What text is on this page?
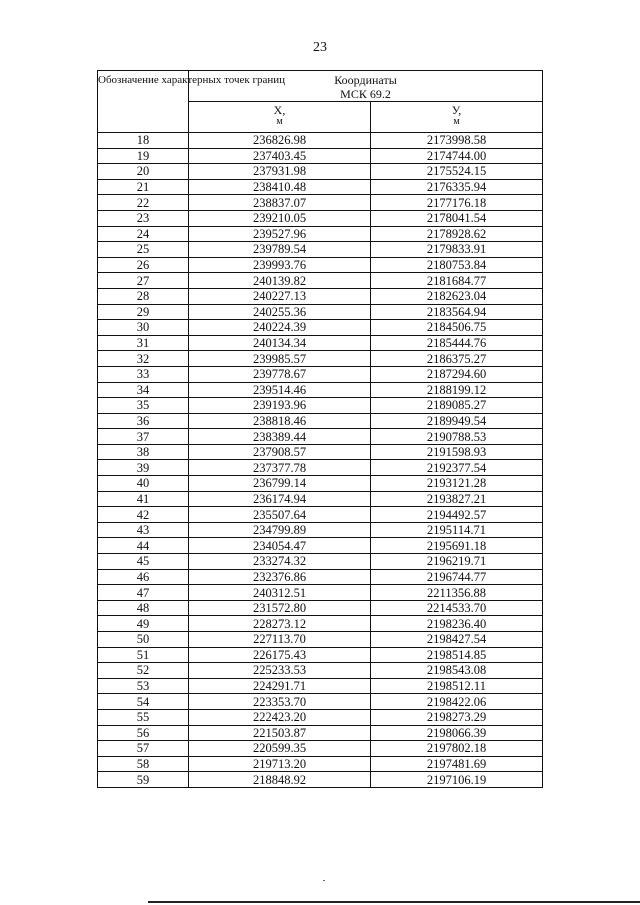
23
Обозначение характерных точек границ	Координаты
МСК 69.2	
	X,
м	У,
м

18	236826.98	2173998.58
19	237403.45	2174744.00
20	237931.98	2175524.15
21	238410.48	2176335.94
22	238837.07	2177176.18
23	239210.05	2178041.54
24	239527.96	2178928.62
25	239789.54	2179833.91
26	239993.76	2180753.84
27	240139.82	2181684.77
28	240227.13	2182623.04
29	240255.36	2183564.94
30	240224.39	2184506.75
31	240134.34	2185444.76
32	239985.57	2186375.27
33	239778.67	2187294.60
34	239514.46	2188199.12
35	239193.96	2189085.27
36	238818.46	2189949.54
37	238389.44	2190788.53
38	237908.57	2191598.93
39	237377.78	2192377.54
40	236799.14	2193121.28
41	236174.94	2193827.21
42	235507.64	2194492.57
43	234799.89	2195114.71
44	234054.47	2195691.18
45	233274.32	2196219.71
46	232376.86	2196744.77
47	240312.51	2211356.88
48	231572.80	2214533.70
49	228273.12	2198236.40
50	227113.70	2198427.54
51	226175.43	2198514.85
52	225233.53	2198543.08
53	224291.71	2198512.11
54	223353.70	2198422.06
55	222423.20	2198273.29
56	221503.87	2198066.39
57	220599.35	2197802.18
58	219713.20	2197481.69
59	218848.92	2197106.19
